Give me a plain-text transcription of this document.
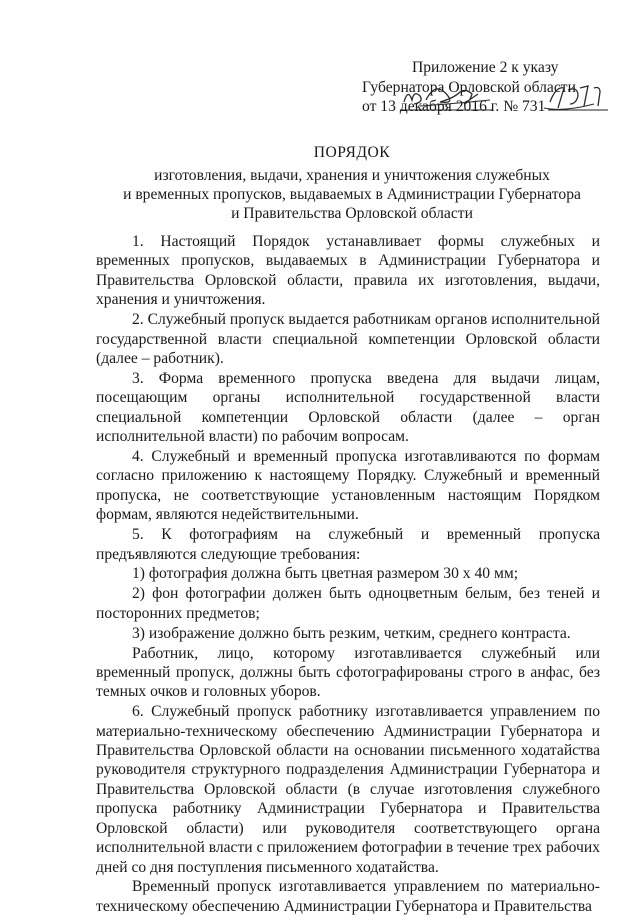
Приложение 2 к указу
Губернатора Орловской области
от 13 декабря 2016 г. № 731
ПОРЯДОК
изготовления, выдачи, хранения и уничтожения служебных
и временных пропусков, выдаваемых в Администрации Губернатора
и Правительства Орловской области

1. Настоящий Порядок устанавливает формы служебных и временных пропусков, выдаваемых в Администрации Губернатора и Правительства Орловской области, правила их изготовления, выдачи, хранения и уничтожения.

2. Служебный пропуск выдается работникам органов исполнительной государственной власти специальной компетенции Орловской области (далее – работник).

3. Форма временного пропуска введена для выдачи лицам, посещающим органы исполнительной государственной власти специальной компетенции Орловской области (далее – орган исполнительной власти) по рабочим вопросам.

4. Служебный и временный пропуска изготавливаются по формам согласно приложению к настоящему Порядку. Служебный и временный пропуска, не соответствующие установленным настоящим Порядком формам, являются недействительными.

5. К фотографиям на служебный и временный пропуска предъявляются следующие требования:

1) фотография должна быть цветная размером 30 х 40 мм;

2) фон фотографии должен быть одноцветным белым, без теней и посторонних предметов;

3) изображение должно быть резким, четким, среднего контраста.

Работник, лицо, которому изготавливается служебный или временный пропуск, должны быть сфотографированы строго в анфас, без темных очков и головных уборов.

6. Служебный пропуск работнику изготавливается управлением по материально-техническому обеспечению Администрации Губернатора и Правительства Орловской области на основании письменного ходатайства руководителя структурного подразделения Администрации Губернатора и Правительства Орловской области (в случае изготовления служебного пропуска работнику Администрации Губернатора и Правительства Орловской области) или руководителя соответствующего органа исполнительной власти с приложением фотографии в течение трех рабочих дней со дня поступления письменного ходатайства.

Временный пропуск изготавливается управлением по материально-техническому обеспечению Администрации Губернатора и Правительства
